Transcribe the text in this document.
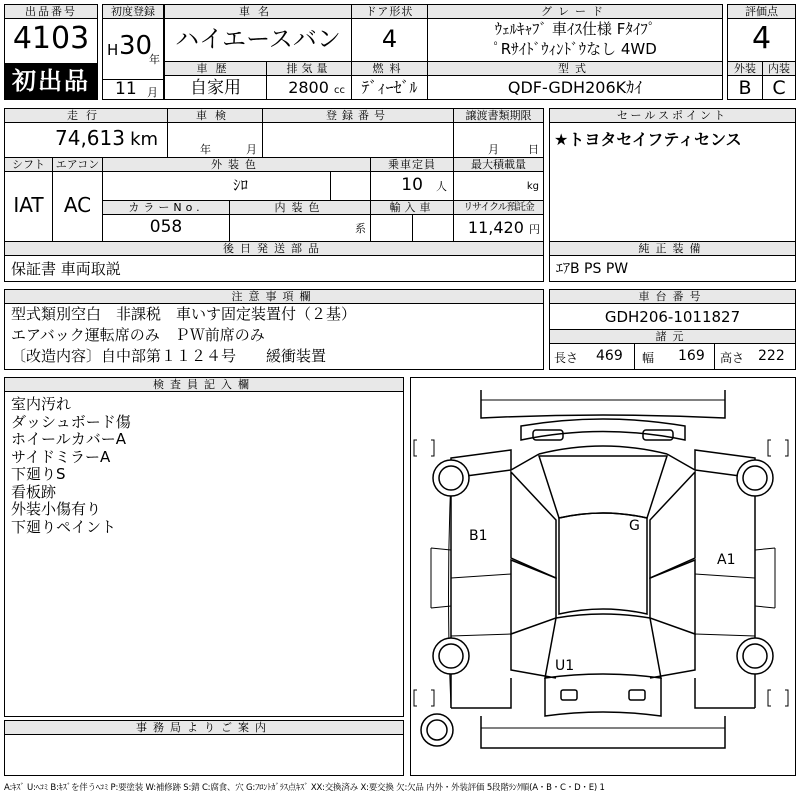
出品番号
4103
初出品
初度登録
H 30
年
11 月
車名
ハイエースバン
ドア形状
4
グレード
ｳｪﾙｷｬﾌﾞ 車ｲｽ仕様 Fﾀｲﾌﾟ
ﾟRｻｲﾄﾞｳｨﾝﾄﾞｳなし 4WD
評価点
4
車歴
自家用
排気量
2800 cc
燃料
ﾃﾞｨｰｾﾞﾙ
型式
QDF-GDH206Kｶｲ
外装
B
内装
C
走行
74,613 km
車検
年	月
登録番号	譲渡書類期限
月	日
セールスポイント
★トヨタセイフティセンス
シフト
IAT
エアコン
AC
外装色
ｼﾛ
乗車定員
10 人
最大積載量
kg
カラーNo.
058
内装色
系
輸入車	リサイクル預託金
11,420 円
後日発送部品
保証書 車両取説
純正装備
ｴｱB PS PW
注意事項欄
型式類別空白　非課税　車いす固定装置付（２基）
エアバック運転席のみ　ＰＷ前席のみ
〔改造内容〕自中部第１１２４号　　緩衝装置
車台番号
GDH206-1011827
諸元
長さ 469 幅 169 高さ 222
検査員記入欄
室内汚れ
ダッシュボード傷
ホイールカバーA
サイドミラーA
下廻りS
看板跡
外装小傷有り
下廻りペイント
事務局よりご案内
B1
G
A1
U1
A:ｷｽﾞ U:ﾍｺﾐ B:ｷｽﾞを伴うﾍｺﾐ P:要塗装 W:補修跡 S:錆 C:腐食、穴 G:ﾌﾛﾝﾄｶﾞﾗｽ点ｷｽﾞ XX:交換済み X:要交換 欠:欠品 内外・外装評価 5段階ﾗﾝｸ順(A・B・C・D・E) 1
